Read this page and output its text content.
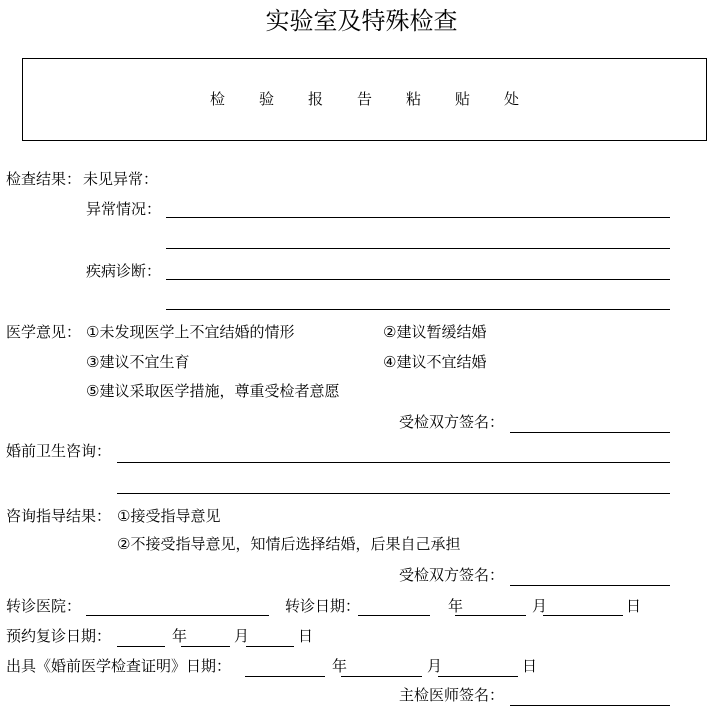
实验室及特殊检查
检 验 报 告 粘 贴 处
检查结果： 未见异常：
异常情况：
疾病诊断：
医学意见： ①未发现医学上不宜结婚的情形	②建议暂缓结婚
③建议不宜生育	④建议不宜结婚
⑤建议采取医学措施，尊重受检者意愿
受检双方签名：
婚前卫生咨询：
咨询指导结果： ①接受指导意见
②不接受指导意见，知情后选择结婚，后果自己承担
受检双方签名：
转诊医院：	转诊日期：	年	月	日
预约复诊日期：	年	月	日
出具《婚前医学检查证明》日期：	年	月	日
主检医师签名：
